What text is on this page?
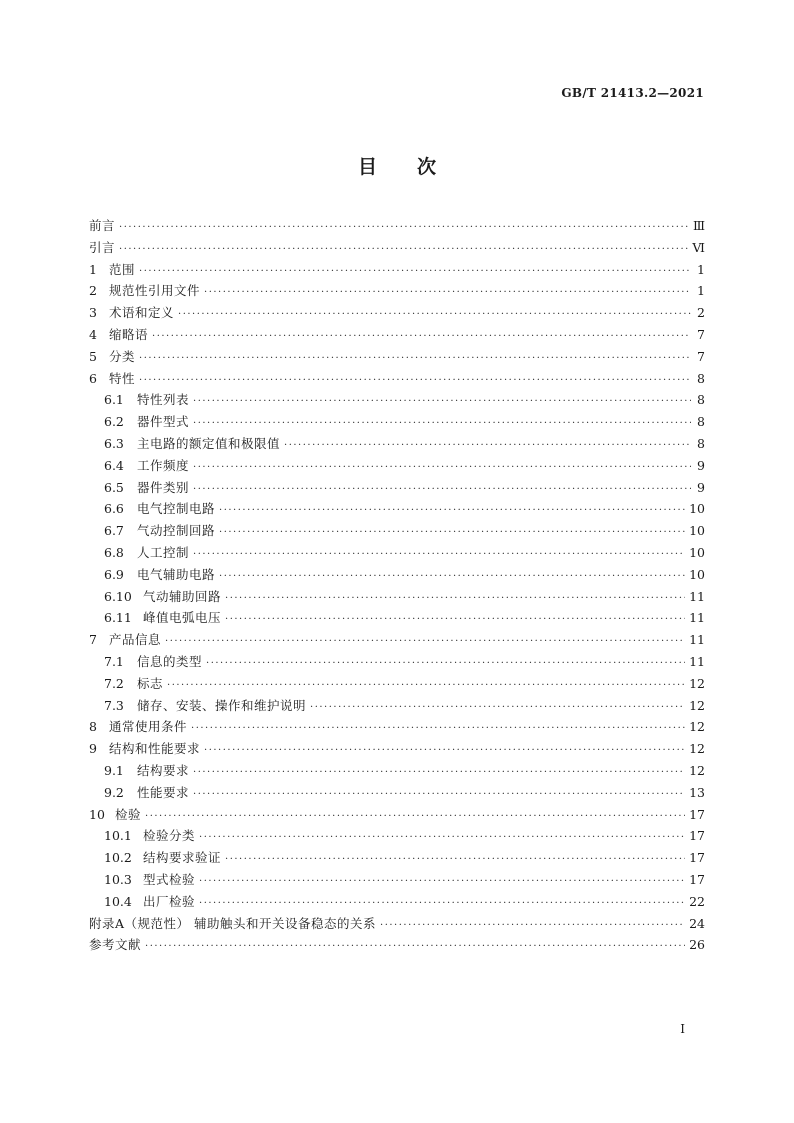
GB/T 21413.2—2021
目次
前言 ·····	Ⅲ
引言 ·····	Ⅵ
1 范围 ·····	1
2 规范性引用文件 ·····	1
3 术语和定义 ·····	2
4 缩略语 ·····	7
5 分类 ·····	7
6 特性 ·····	8
6.1	特性列表 ·····	8
6.2	器件型式 ·····	8
6.3	主电路的额定值和极限值 ·····	8
6.4	工作频度 ·····	9
6.5	器件类别 ·····	9
6.6	电气控制电路 ·····	10
6.7	气动控制回路 ·····	10
6.8	人工控制 ·····	10
6.9	电气辅助电路 ·····	10
6.10 气动辅助回路 ·····	11
6.11 峰值电弧电压 ·····	11
7 产品信息 ·····	11
7.1	信息的类型 ·····	11
7.2	标志 ·····	12
7.3	储存、安装、操作和维护说明 ·····	12
8 通常使用条件 ·····	12
9 结构和性能要求 ·····	12
9.1	结构要求 ·····	12
9.2	性能要求 ·····	13
10 检验 ·····	17
10.1 检验分类 ·····	17
10.2 结构要求验证 ·····	17
10.3 型式检验 ·····	17
10.4 出厂检验 ·····	22
附录A（规范性） 辅助触头和开关设备稳态的关系 ·····	24
参考文献 ·····	26
Ⅰ
